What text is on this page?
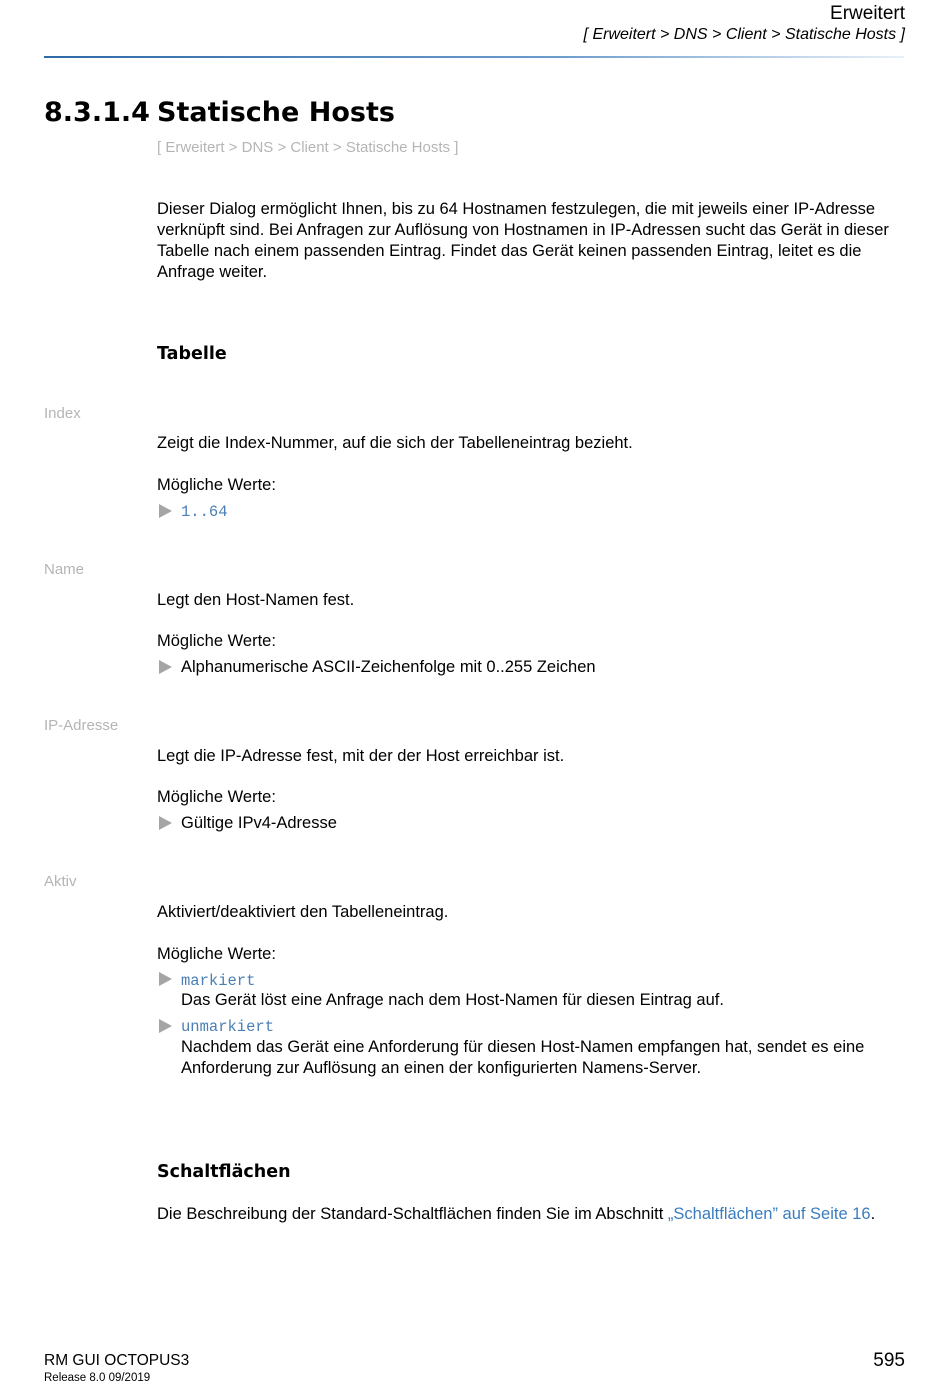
Erweitert
[ Erweitert > DNS > Client > Statische Hosts ]
8.3.1.4 Statische Hosts
[ Erweitert > DNS > Client > Statische Hosts ]
Dieser Dialog ermöglicht Ihnen, bis zu 64 Hostnamen festzulegen, die mit jeweils einer IP-Adresse verknüpft sind. Bei Anfragen zur Auflösung von Hostnamen in IP-Adressen sucht das Gerät in dieser Tabelle nach einem passenden Eintrag. Findet das Gerät keinen passenden Eintrag, leitet es die Anfrage weiter.
Tabelle
Index
Zeigt die Index-Nummer, auf die sich der Tabelleneintrag bezieht.
Mögliche Werte:
1..64
Name
Legt den Host-Namen fest.
Mögliche Werte:
Alphanumerische ASCII-Zeichenfolge mit 0..255 Zeichen
IP-Adresse
Legt die IP-Adresse fest, mit der der Host erreichbar ist.
Mögliche Werte:
Gültige IPv4-Adresse
Aktiv
Aktiviert/deaktiviert den Tabelleneintrag.
Mögliche Werte:
markiert
Das Gerät löst eine Anfrage nach dem Host-Namen für diesen Eintrag auf.
unmarkiert
Nachdem das Gerät eine Anforderung für diesen Host-Namen empfangen hat, sendet es eine Anforderung zur Auflösung an einen der konfigurierten Namens-Server.
Schaltflächen
Die Beschreibung der Standard-Schaltflächen finden Sie im Abschnitt „Schaltflächen” auf Seite 16.
RM GUI OCTOPUS3
Release 8.0 09/2019
595
